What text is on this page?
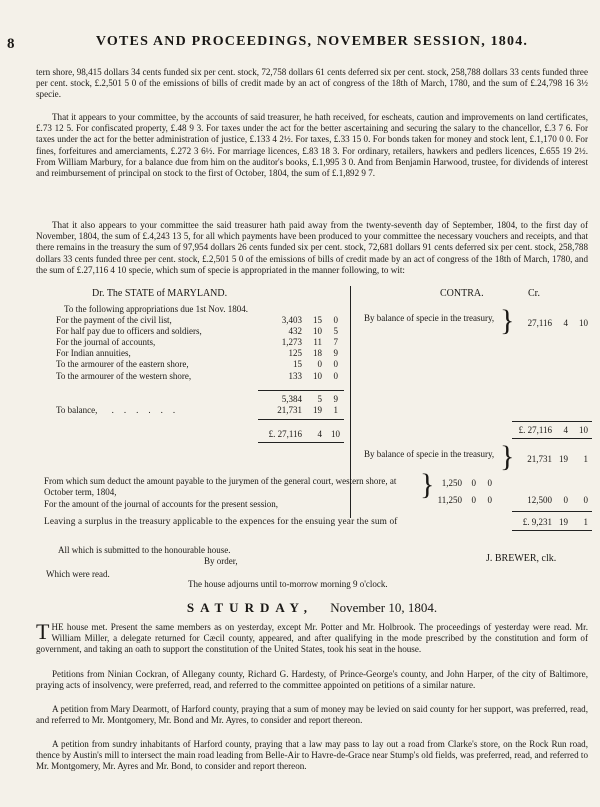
8	VOTES AND PROCEEDINGS, NOVEMBER SESSION, 1804.
tern shore, 98,415 dollars 34 cents funded six per cent. stock, 72,758 dollars 61 cents deferred six per cent. stock, 258,788 dollars 33 cents funded three per cent. stock, £.2,501 5 0 of the emissions of bills of credit made by an act of congress of the 18th of March, 1780, and the sum of £.24,798 16 3½ specie.
That it appears to your committee, by the accounts of said treasurer, he hath received, for escheats, caution and improvements on land certificates, £.73 12 5. For confiscated property, £.48 9 3. For taxes under the act for the better ascertaining and securing the salary to the chancellor, £.3 7 6. For taxes under the act for the better administration of justice, £.133 4 2½. For taxes, £.33 15 0. For bonds taken for money and stock lent, £.1,170 0 0. For fines, forfeitures and amerciaments, £.272 3 6½. For marriage licences, £.83 18 3. For ordinary, retailers, hawkers and pedlers licences, £.655 19 2½. From William Marbury, for a balance due from him on the auditor's books, £.1,995 3 0. And from Benjamin Harwood, trustee, for dividends of interest and reimbursement of principal on stock to the first of October, 1804, the sum of £.1,892 9 7.
That it also appears to your committee the said treasurer hath paid away from the twenty-seventh day of September, 1804, to the first day of November, 1804, the sum of £.4,243 13 5, for all which payments have been produced to your committee the necessary vouchers and receipts, and that there remains in the treasury the sum of 97,954 dollars 26 cents funded six per cent. stock, 72,681 dollars 91 cents deferred six per cent. stock, 258,788 dollars 33 cents funded three per cent. stock, £.2,501 5 0 of the emissions of bills of credit made by an act of congress of the 18th of March, 1780, and the sum of £.27,116 4 10 specie, which sum of specie is appropriated in the manner following, to wit:
Dr. The STATE of MARYLAND.	CONTRA.	Cr.
To the following appropriations due 1st Nov. 1804.
For the payment of the civil list,	3,403	15	0
For half pay due to officers and soldiers,	432	10	5
For the journal of accounts,	1,273	11	7
For Indian annuities,	125	18	9
To the armourer of the eastern shore,	15	0	0
To the armourer of the western shore,	133	10	0
5,384	5	9
To balance, ......	21,731	19	1
£. 27,116	4	10
By balance of specie in the treasury, }	27,116	4	10
£. 27,116	4	10
By balance of specie in the treasury, }	21,731 19	1
From which sum deduct the amount payable to the jurymen of the general court, western shore, at October term, 1804,	} 1,250	0	0
For the amount of the journal of accounts for the present session,	11,250	0	0	12,500	0	0
Leaving a surplus in the treasury applicable to the expences for the ensuing year the sum of	£. 9,231 19	1
All which is submitted to the honourable house.
By order,	J. BREWER, clk.
Which were read.
The house adjourns until to-morrow morning 9 o'clock.
SATURDAY, November 10, 1804.
THE house met. Present the same members as on yesterday, except Mr. Potter and Mr. Holbrook. The proceedings of yesterday were read. Mr. William Miller, a delegate returned for Cæcil county, appeared, and after qualifying in the mode prescribed by the constitution and form of government, and taking an oath to support the constitution of the United States, took his seat in the house.
Petitions from Ninian Cockran, of Allegany county, Richard G. Hardesty, of Prince-George's county, and John Harper, of the city of Baltimore, praying acts of insolvency, were preferred, read, and referred to the committee appointed on petitions of a similar nature.
A petition from Mary Dearmott, of Harford county, praying that a sum of money may be levied on said county for her support, was preferred, read, and referred to Mr. Montgomery, Mr. Bond and Mr. Ayres, to consider and report thereon.
A petition from sundry inhabitants of Harford county, praying that a law may pass to lay out a road from Clarke's store, on the Rock Run road, thence by Austin's mill to intersect the main road leading from Belle-Air to Havre-de-Grace near Stump's old fields, was preferred, read, and referred to Mr. Montgomery, Mr. Ayres and Mr. Bond, to consider and report thereon.
